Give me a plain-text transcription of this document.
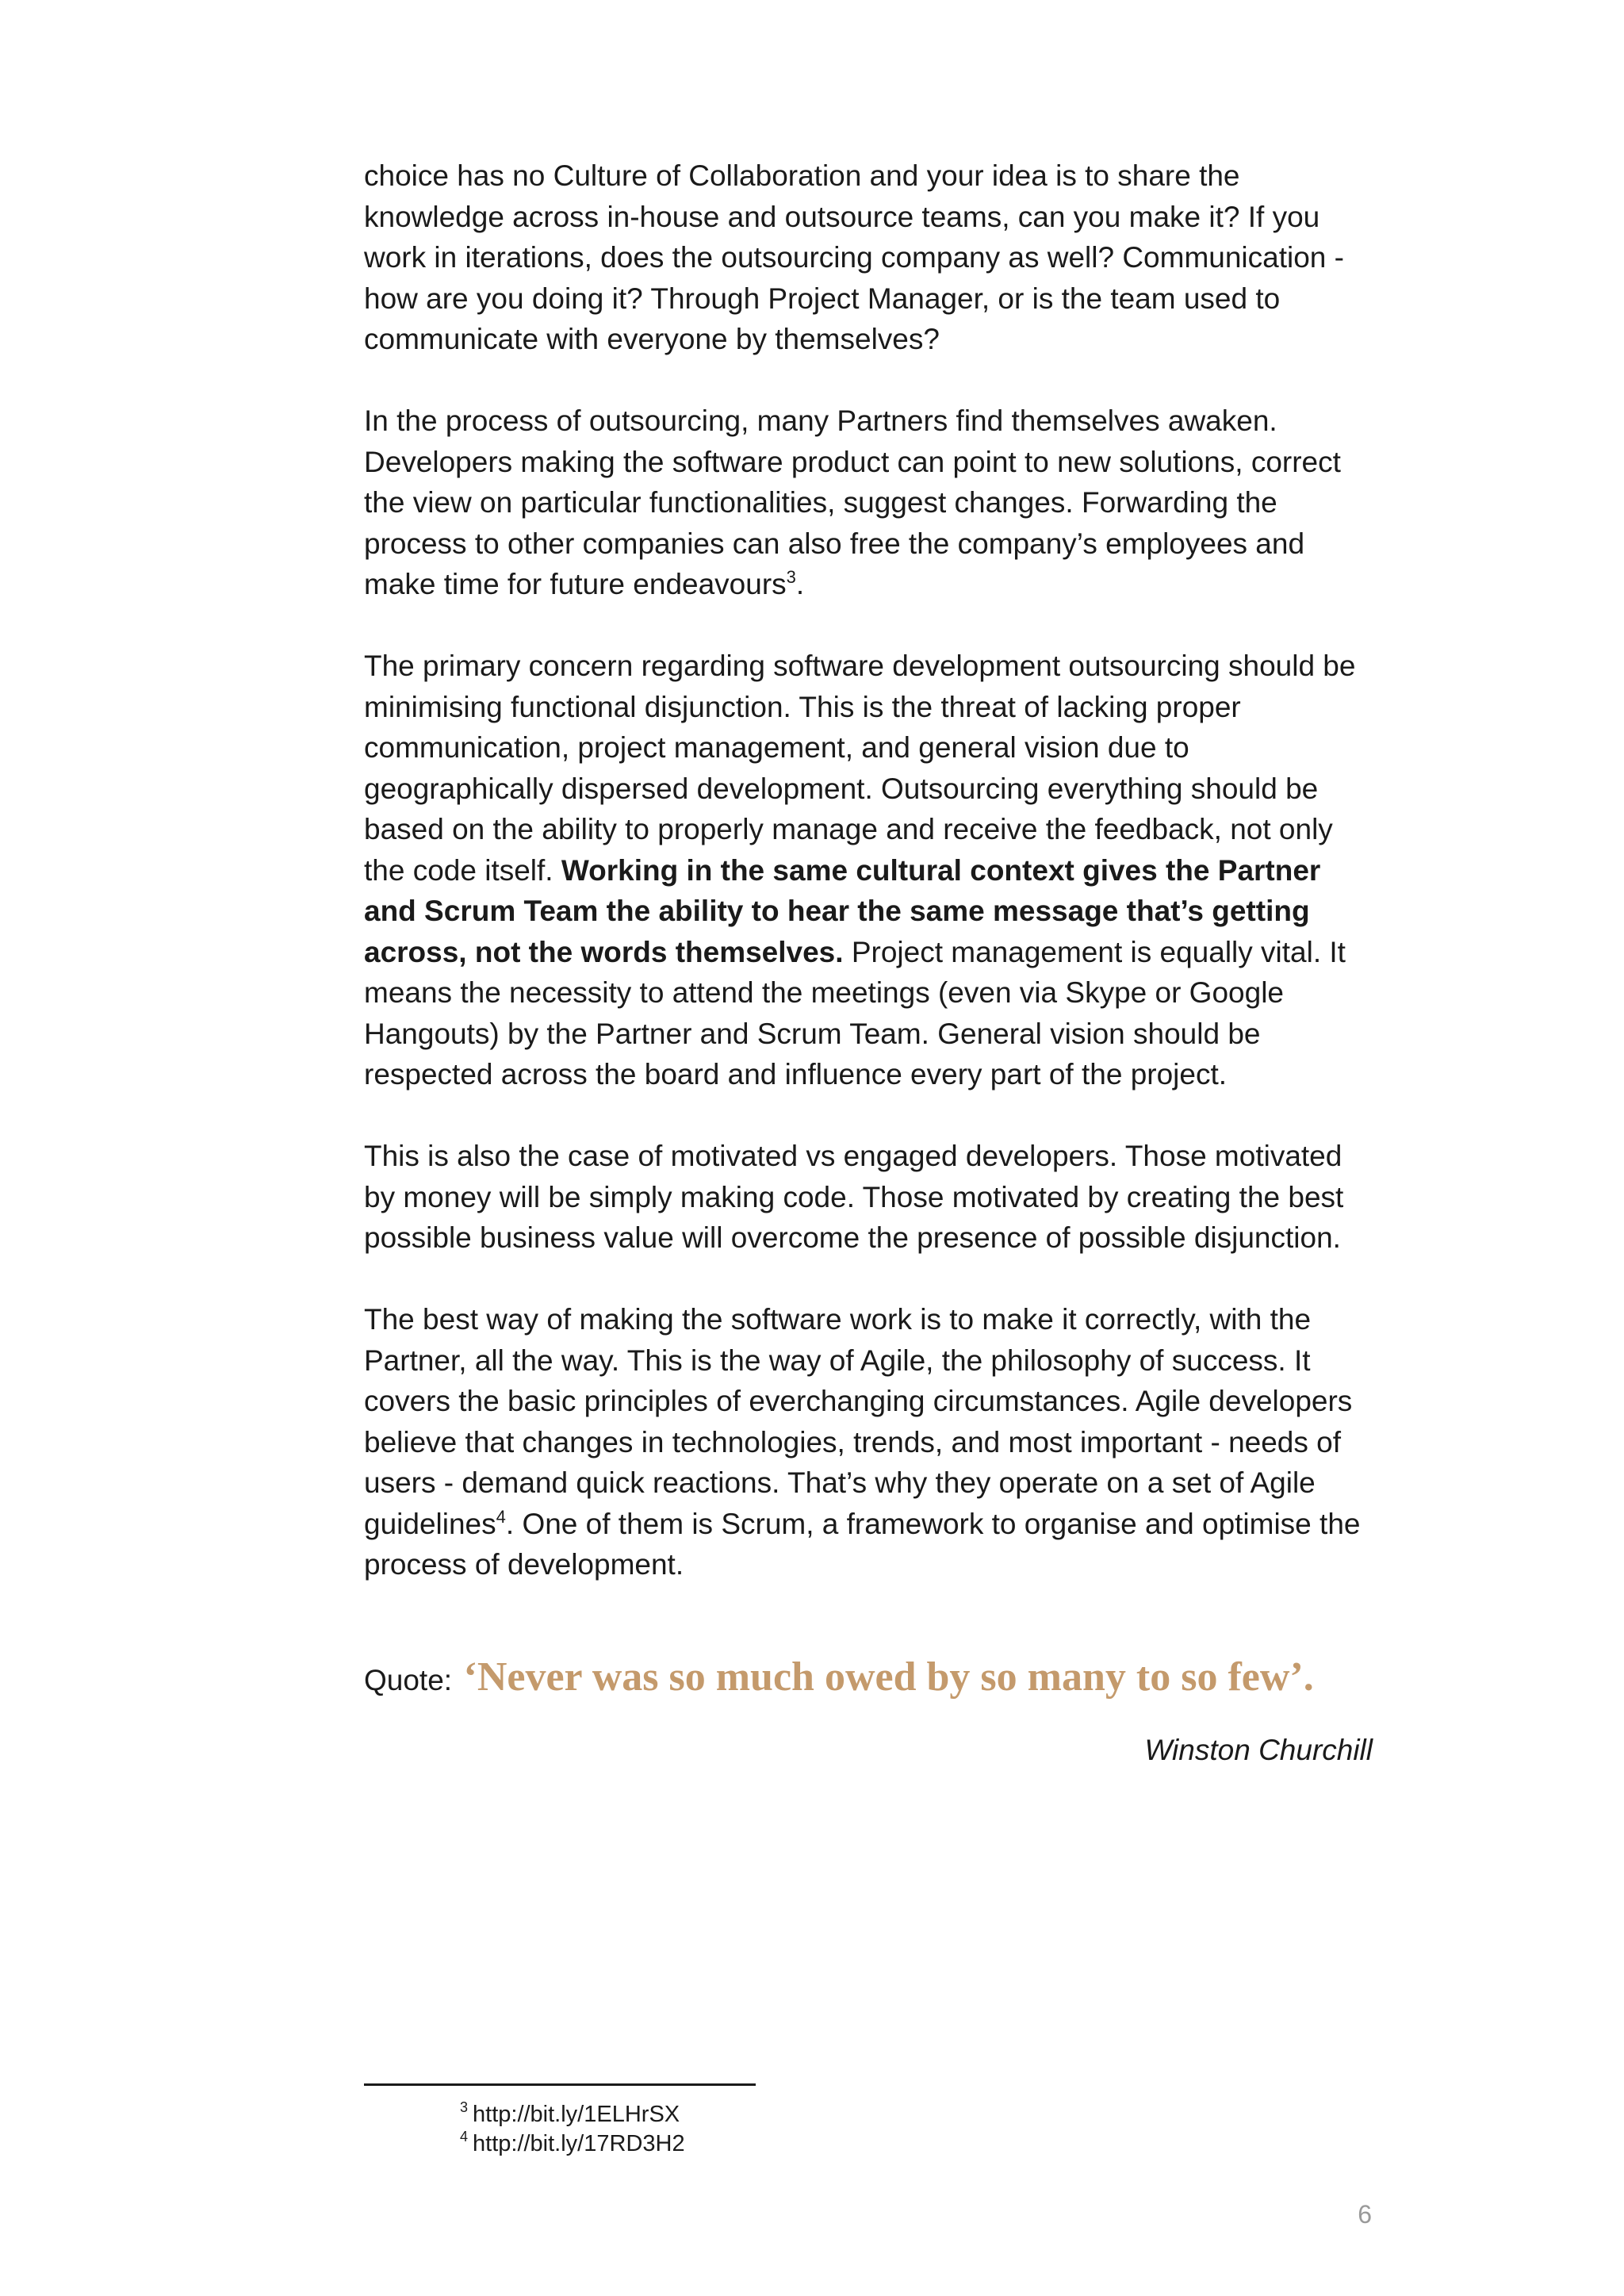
choice has no Culture of Collaboration and your idea is to share the knowledge across in-house and outsource teams, can you make it? If you work in iterations, does the outsourcing company as well? Communication - how are you doing it? Through Project Manager, or is the team used to communicate with everyone by themselves?

In the process of outsourcing, many Partners find themselves awaken. Developers making the software product can point to new solutions, correct the view on particular functionalities, suggest changes. Forwarding the process to other companies can also free the company’s employees and make time for future endeavours$^3$.

The primary concern regarding software development outsourcing should be minimising functional disjunction. This is the threat of lacking proper communication, project management, and general vision due to geographically dispersed development. Outsourcing everything should be based on the ability to properly manage and receive the feedback, not only the code itself. Working in the same cultural context gives the Partner and Scrum Team the ability to hear the same message that’s getting across, not the words themselves. Project management is equally vital. It means the necessity to attend the meetings (even via Skype or Google Hangouts) by the Partner and Scrum Team. General vision should be respected across the board and influence every part of the project.

This is also the case of motivated vs engaged developers. Those motivated by money will be simply making code. Those motivated by creating the best possible business value will overcome the presence of possible disjunction.

The best way of making the software work is to make it correctly, with the Partner, all the way. This is the way of Agile, the philosophy of success. It covers the basic principles of everchanging circumstances. Agile developers believe that changes in technologies, trends, and most important - needs of users - demand quick reactions. That’s why they operate on a set of Agile guidelines$^4$. One of them is Scrum, a framework to organise and optimise the process of development.

Quote: ‘Never was so much owed by so many to so few’.
Winston Churchill
$^3$ http://bit.ly/1ELHrSX
$^4$ http://bit.ly/17RD3H2
6
